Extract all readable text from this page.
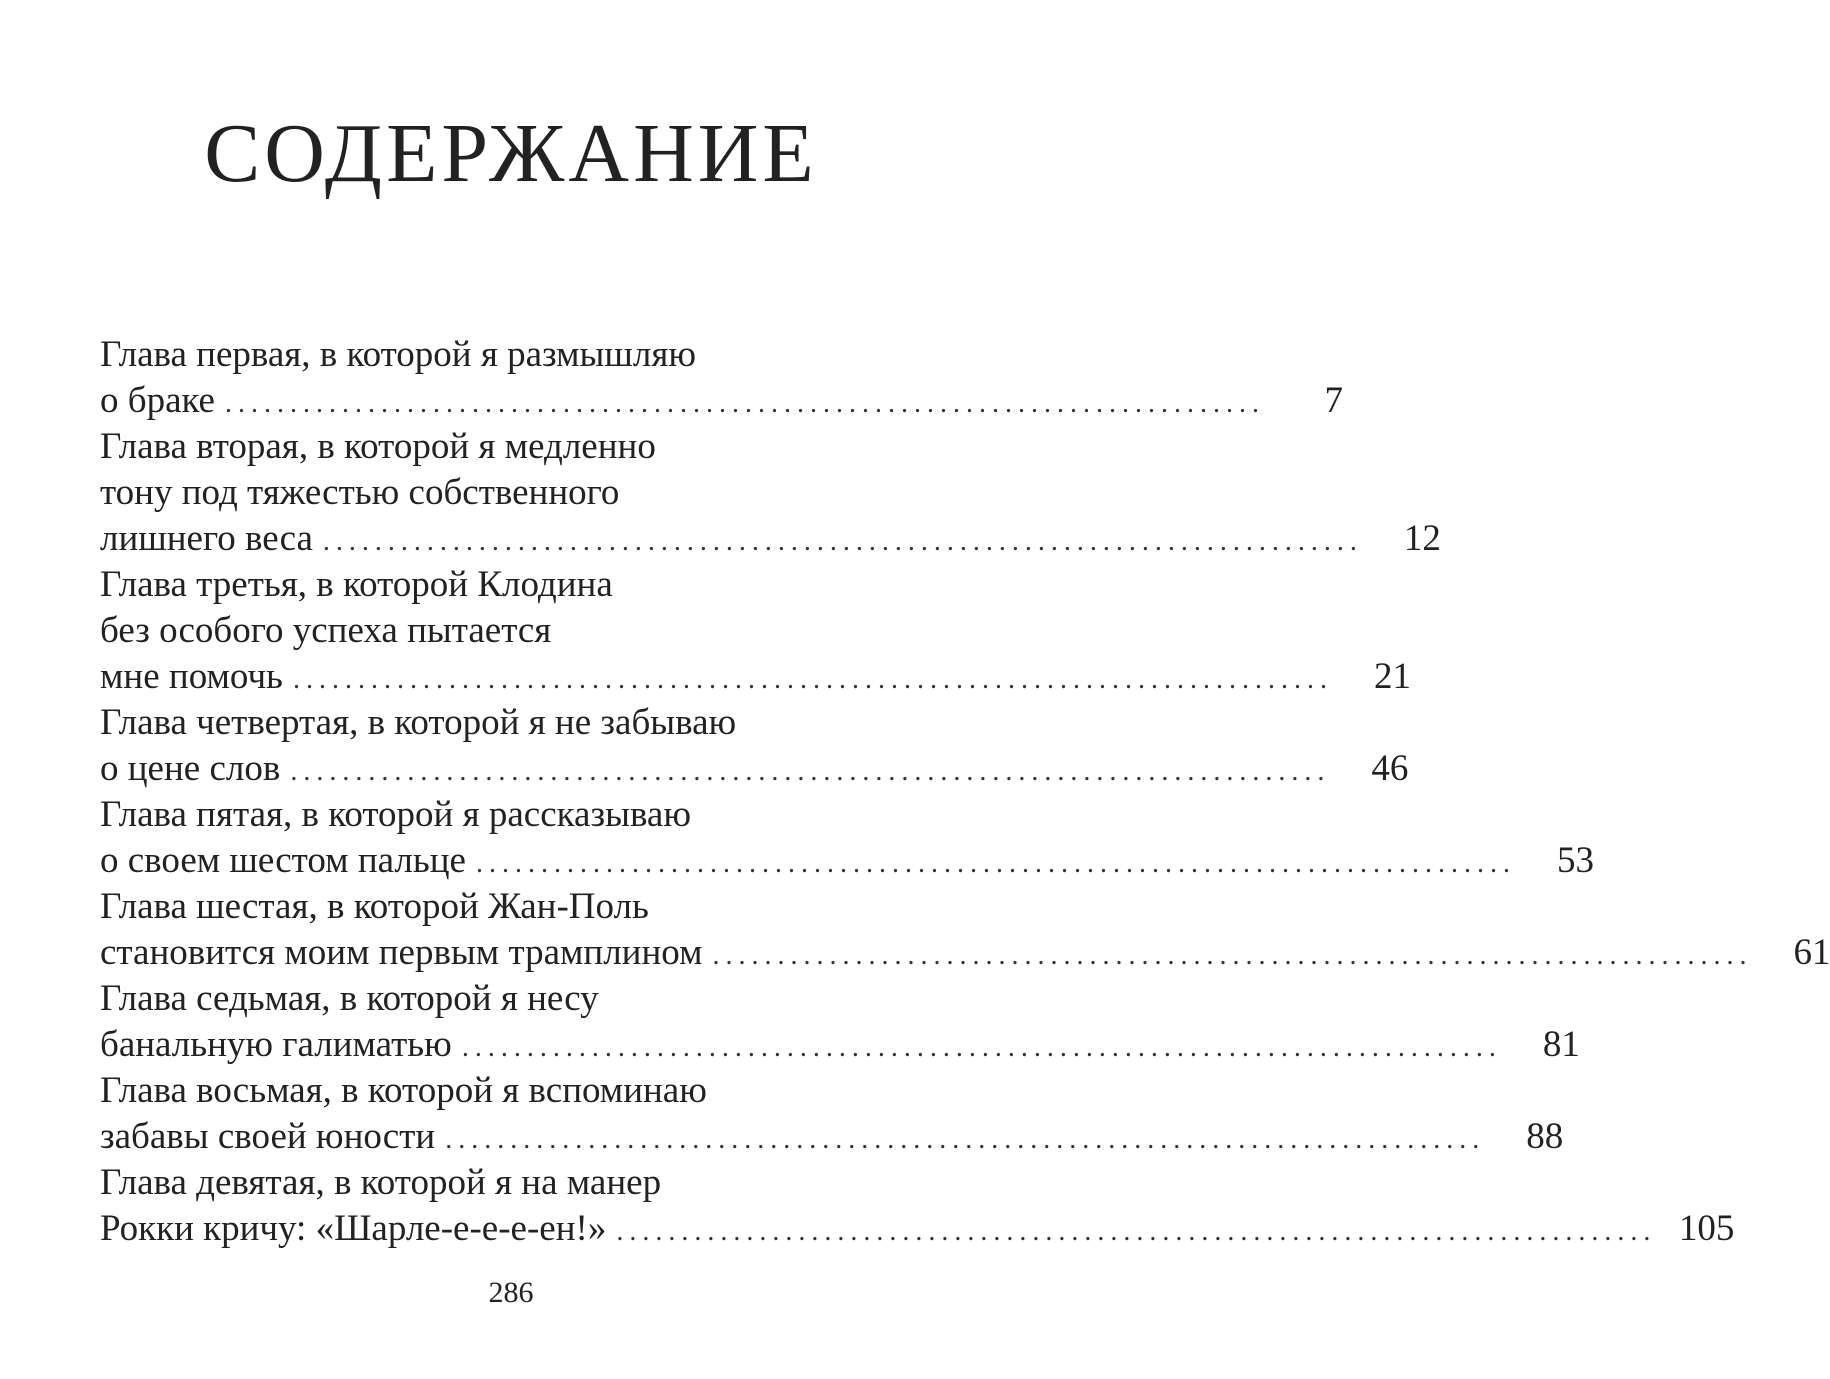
СОДЕРЖАНИЕ
Глава первая, в которой я размышляю
о браке ................................................................................	7
Глава вторая, в которой я медленно
тону под тяжестью собственного
лишнего веса ................................................................................	12
Глава третья, в которой Клодина
без особого успеха пытается
мне помочь ................................................................................	21
Глава четвертая, в которой я не забываю
о цене слов ................................................................................	46
Глава пятая, в которой я рассказываю
о своем шестом пальце ................................................................................	53
Глава шестая, в которой Жан-Поль
становится моим первым трамплином ................................................................................	61
Глава седьмая, в которой я несу
банальную галиматью ................................................................................	81
Глава восьмая, в которой я вспоминаю
забавы своей юности ................................................................................	88
Глава девятая, в которой я на манер
Рокки кричу: «Шарле-е-е-е-ен!» ................................................................................ 105
286
